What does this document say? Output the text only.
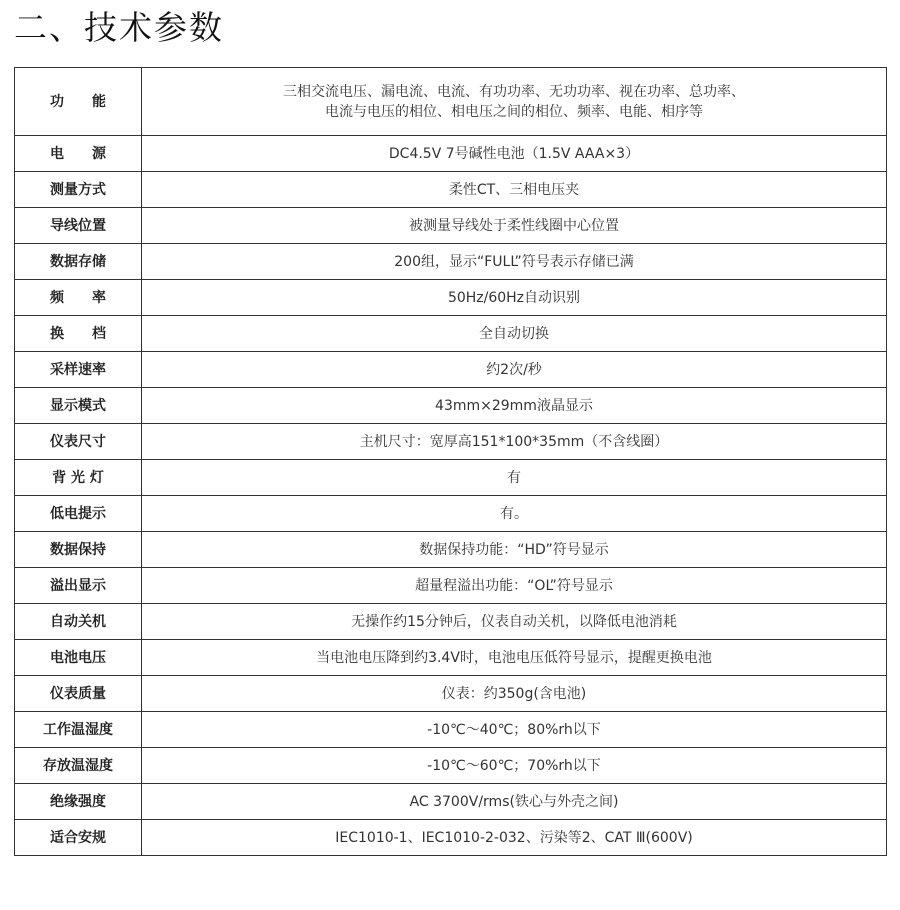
二、技术参数
功　　能	三相交流电压、漏电流、电流、有功功率、无功功率、视在功率、总功率、
电流与电压的相位、相电压之间的相位、频率、电能、相序等
电　　源	DC4.5V 7号碱性电池（1.5V AAA×3）
测量方式	柔性CT、三相电压夹
导线位置	被测量导线处于柔性线圈中心位置
数据存储	200组，显示“FULL”符号表示存储已满
频　　率	50Hz/60Hz自动识别
换　　档	全自动切换
采样速率	约2次/秒
显示模式	43mm×29mm液晶显示
仪表尺寸	主机尺寸：宽厚高151*100*35mm（不含线圈）
背 光 灯	有
低电提示	有。
数据保持	数据保持功能：“HD”符号显示
溢出显示	超量程溢出功能：“OL”符号显示
自动关机	无操作约15分钟后，仪表自动关机，以降低电池消耗
电池电压	当电池电压降到约3.4V时，电池电压低符号显示，提醒更换电池
仪表质量	仪表：约350g(含电池)
工作温湿度	-10℃～40℃；80%rh以下
存放温湿度	-10℃～60℃；70%rh以下
绝缘强度	AC 3700V/rms(铁心与外壳之间)
适合安规	IEC1010-1、IEC1010-2-032、污染等2、CAT Ⅲ(600V)
